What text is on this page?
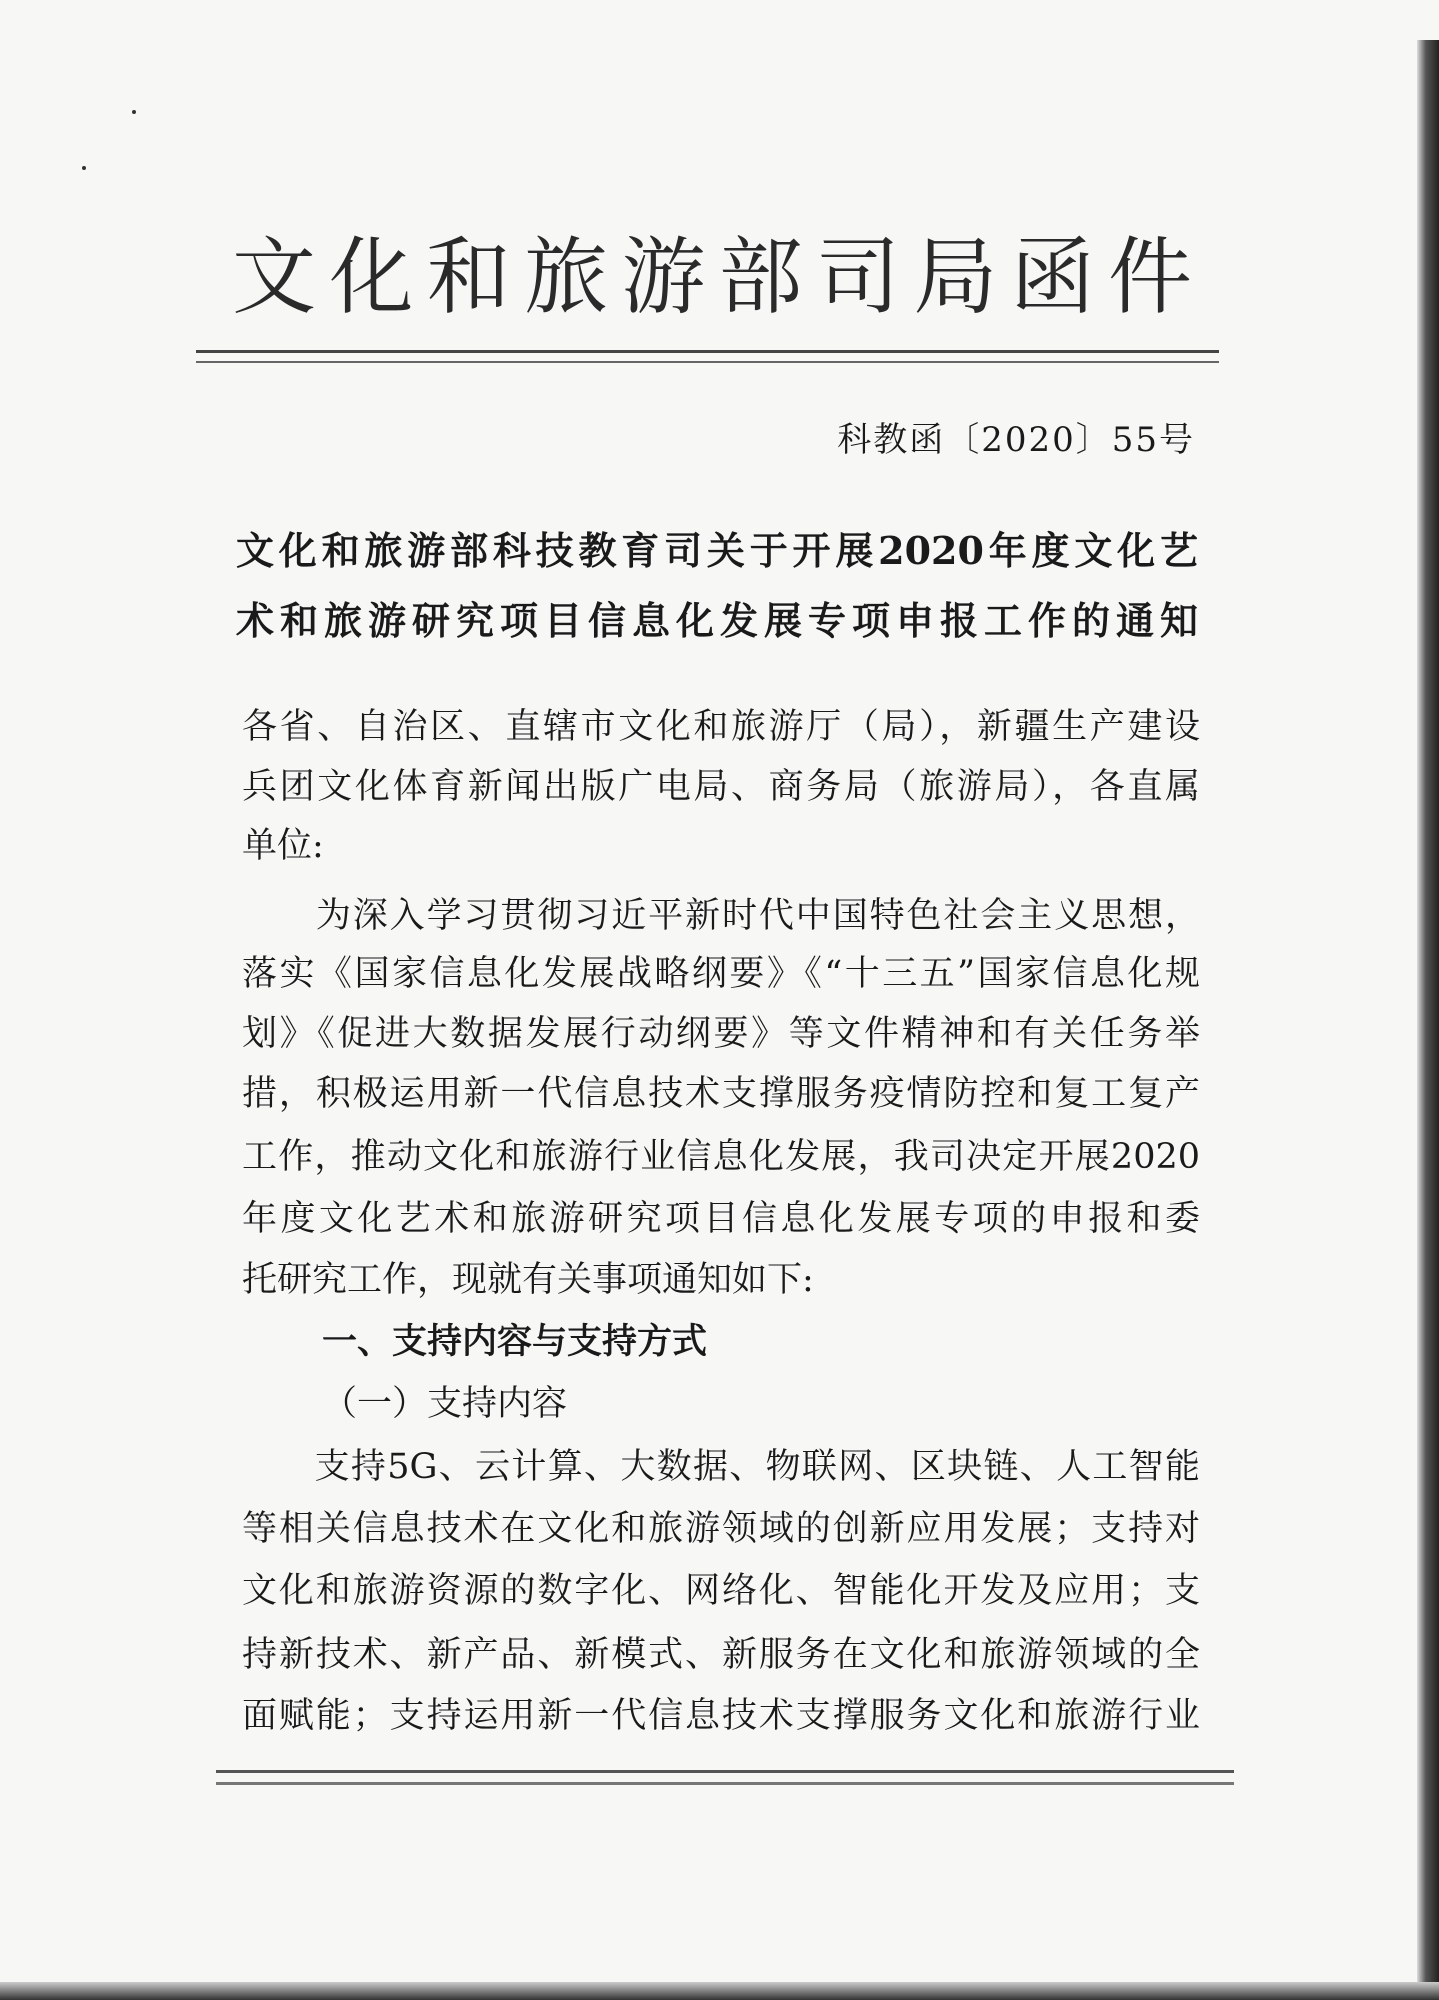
文化和旅游部司局函件
科教函〔2020〕55号
文化和旅游部科技教育司关于开展2020年度文化艺
术和旅游研究项目信息化发展专项申报工作的通知
各省、自治区、直辖市文化和旅游厅（局），新疆生产建设
兵团文化体育新闻出版广电局、商务局（旅游局），各直属
单位:
　　为深入学习贯彻习近平新时代中国特色社会主义思想，
落实《国家信息化发展战略纲要》《“十三五”国家信息化规
划》《促进大数据发展行动纲要》等文件精神和有关任务举
措，积极运用新一代信息技术支撑服务疫情防控和复工复产
工作，推动文化和旅游行业信息化发展，我司决定开展2020
年度文化艺术和旅游研究项目信息化发展专项的申报和委
托研究工作，现就有关事项通知如下:
一、支持内容与支持方式
（一）支持内容
　　支持5G、云计算、大数据、物联网、区块链、人工智能
等相关信息技术在文化和旅游领域的创新应用发展；支持对
文化和旅游资源的数字化、网络化、智能化开发及应用；支
持新技术、新产品、新模式、新服务在文化和旅游领域的全
面赋能；支持运用新一代信息技术支撑服务文化和旅游行业
